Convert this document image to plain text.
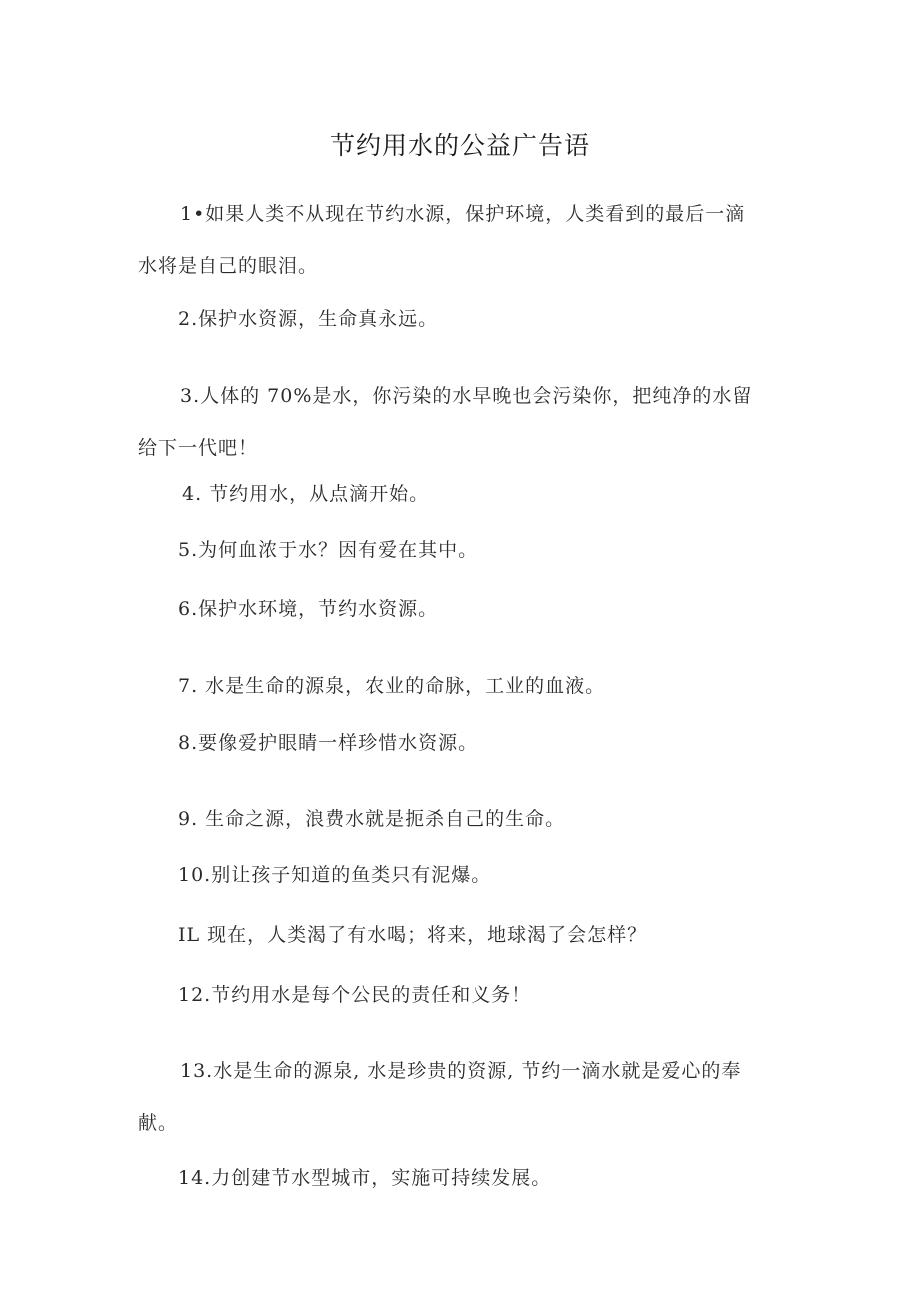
节约用水的公益广告语
1•如果人类不从现在节约水源，保护环境，人类看到的最后一滴
水将是自己的眼泪。
2.保护水资源，生命真永远。
3.人体的 70%是水，你污染的水早晚也会污染你，把纯净的水留
给下一代吧！
4. 节约用水，从点滴开始。
5.为何血浓于水？因有爱在其中。
6.保护水环境，节约水资源。
7. 水是生命的源泉，农业的命脉，工业的血液。
8.要像爱护眼睛一样珍惜水资源。
9. 生命之源，浪费水就是扼杀自己的生命。
10.别让孩子知道的鱼类只有泥爆。
IL 现在，人类渴了有水喝；将来，地球渴了会怎样？
12.节约用水是每个公民的责任和义务！
13.水是生命的源泉, 水是珍贵的资源, 节约一滴水就是爱心的奉
献。
14.力创建节水型城市，实施可持续发展。
